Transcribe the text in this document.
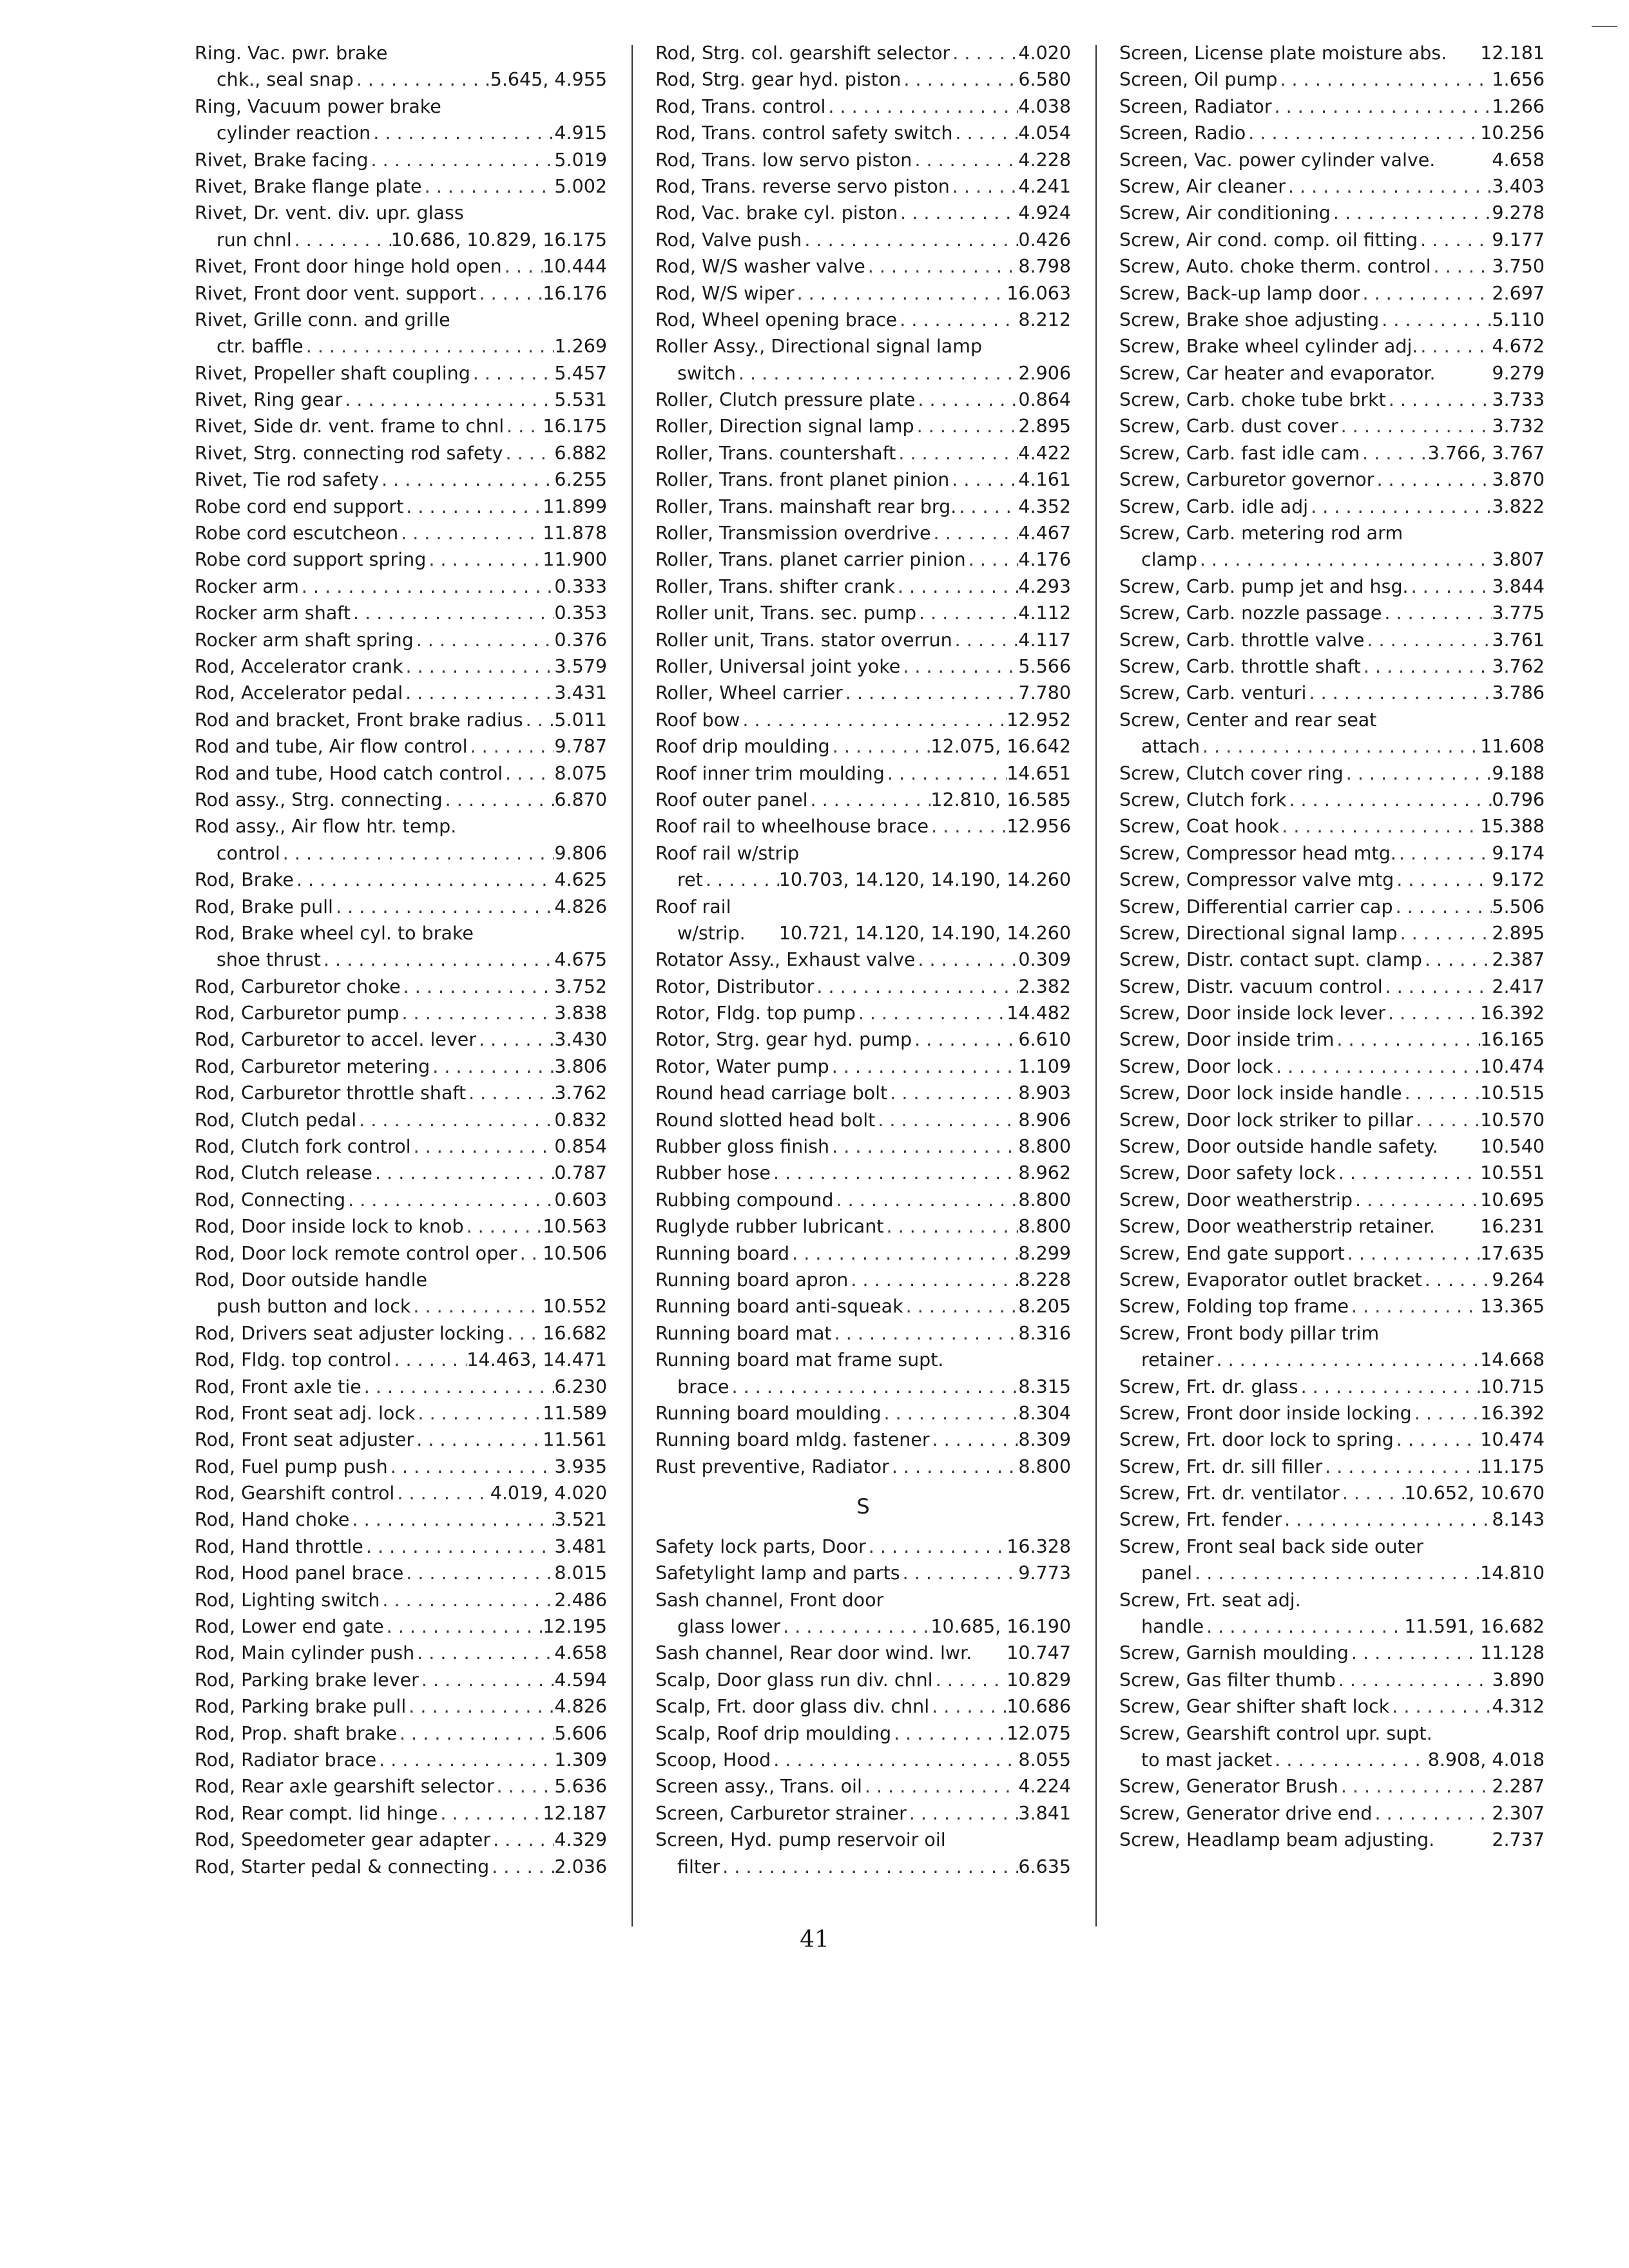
Ring. Vac. pwr. brake
chk., seal snap . . .	5.645, 4.955
Ring, Vacuum power brake
cylinder reaction . . .	4.915
Rivet, Brake facing . . .	5.019
Rivet, Brake flange plate . . .	5.002
Rivet, Dr. vent. div. upr. glass
run chnl . . .	10.686, 10.829, 16.175
Rivet, Front door hinge hold open . . . 10.444
Rivet, Front door vent. support . . .	16.176
Rivet, Grille conn. and grille
ctr. baffle . . .	1.269
Rivet, Propeller shaft coupling . . .	5.457
Rivet, Ring gear . . .	5.531
Rivet, Side dr. vent. frame to chnl . . . 16.175
Rivet, Strg. connecting rod safety . . .	6.882
Rivet, Tie rod safety . . .	6.255
Robe cord end support . . .	11.899
Robe cord escutcheon . . .	11.878
Robe cord support spring . . .	11.900
Rocker arm . . .	0.333
Rocker arm shaft . . .	0.353
Rocker arm shaft spring . . .	0.376
Rod, Accelerator crank . . .	3.579
Rod, Accelerator pedal . . .	3.431
Rod and bracket, Front brake radius . . . 5.011
Rod and tube, Air flow control . . .	9.787
Rod and tube, Hood catch control . . .	8.075
Rod assy., Strg. connecting . . .	6.870
Rod assy., Air flow htr. temp.
control . . .	9.806
Rod, Brake . . .	4.625
Rod, Brake pull . . .	4.826
Rod, Brake wheel cyl. to brake
shoe thrust . . .	4.675
Rod, Carburetor choke . . .	3.752
Rod, Carburetor pump . . .	3.838
Rod, Carburetor to accel. lever . . .	3.430
Rod, Carburetor metering . . .	3.806
Rod, Carburetor throttle shaft . . .	3.762
Rod, Clutch pedal . . .	0.832
Rod, Clutch fork control . . .	0.854
Rod, Clutch release . . .	0.787
Rod, Connecting . . .	0.603
Rod, Door inside lock to knob . . .	10.563
Rod, Door lock remote control oper . . . 10.506
Rod, Door outside handle
push button and lock . . .	10.552
Rod, Drivers seat adjuster locking . . . 16.682
Rod, Fldg. top control . . .	14.463, 14.471
Rod, Front axle tie . . .	6.230
Rod, Front seat adj. lock . . .	11.589
Rod, Front seat adjuster . . .	11.561
Rod, Fuel pump push . . .	3.935
Rod, Gearshift control . . .	4.019, 4.020
Rod, Hand choke . . .	3.521
Rod, Hand throttle . . .	3.481
Rod, Hood panel brace . . .	8.015
Rod, Lighting switch . . .	2.486
Rod, Lower end gate . . .	12.195
Rod, Main cylinder push . . .	4.658
Rod, Parking brake lever . . .	4.594
Rod, Parking brake pull . . .	4.826
Rod, Prop. shaft brake . . .	5.606
Rod, Radiator brace . . .	1.309
Rod, Rear axle gearshift selector . . .	5.636
Rod, Rear compt. lid hinge . . .	12.187
Rod, Speedometer gear adapter . . .	4.329
Rod, Starter pedal & connecting . . .	2.036
Rod, Strg. col. gearshift selector . . .	4.020
Rod, Strg. gear hyd. piston . . .	6.580
Rod, Trans. control . . .	4.038
Rod, Trans. control safety switch . . .	4.054
Rod, Trans. low servo piston . . .	4.228
Rod, Trans. reverse servo piston . . .	4.241
Rod, Vac. brake cyl. piston . . .	4.924
Rod, Valve push . . .	0.426
Rod, W/S washer valve . . .	8.798
Rod, W/S wiper . . .	16.063
Rod, Wheel opening brace . . .	8.212
Roller Assy., Directional signal lamp
switch . . .	2.906
Roller, Clutch pressure plate . . .	0.864
Roller, Direction signal lamp . . .	2.895
Roller, Trans. countershaft . . .	4.422
Roller, Trans. front planet pinion . . .	4.161
Roller, Trans. mainshaft rear brg. . . .	4.352
Roller, Transmission overdrive . . .	4.467
Roller, Trans. planet carrier pinion . . .	4.176
Roller, Trans. shifter crank . . .	4.293
Roller unit, Trans. sec. pump . . .	4.112
Roller unit, Trans. stator overrun . . .	4.117
Roller, Universal joint yoke . . .	5.566
Roller, Wheel carrier . . .	7.780
Roof bow . . .	12.952
Roof drip moulding . . .	12.075, 16.642
Roof inner trim moulding . . .	14.651
Roof outer panel . . .	12.810, 16.585
Roof rail to wheelhouse brace . . .	12.956
Roof rail w/strip
ret . . .	10.703, 14.120, 14.190, 14.260
Roof rail
w/strip. 10.721, 14.120, 14.190, 14.260
Rotator Assy., Exhaust valve . . .	0.309
Rotor, Distributor . . .	2.382
Rotor, Fldg. top pump . . .	14.482
Rotor, Strg. gear hyd. pump . . .	6.610
Rotor, Water pump . . .	1.109
Round head carriage bolt . . .	8.903
Round slotted head bolt . . .	8.906
Rubber gloss finish . . .	8.800
Rubber hose . . .	8.962
Rubbing compound . . .	8.800
Ruglyde rubber lubricant . . .	8.800
Running board . . .	8.299
Running board apron . . .	8.228
Running board anti-squeak . . .	8.205
Running board mat . . .	8.316
Running board mat frame supt.
brace . . .	8.315
Running board moulding . . .	8.304
Running board mldg. fastener . . .	8.309
Rust preventive, Radiator . . .	8.800
S
Safety lock parts, Door . . .	16.328
Safetylight lamp and parts . . .	9.773
Sash channel, Front door
glass lower . . .	10.685, 16.190
Sash channel, Rear door wind. lwr. 10.747
Scalp, Door glass run div. chnl . . .	10.829
Scalp, Frt. door glass div. chnl . . .	10.686
Scalp, Roof drip moulding . . .	12.075
Scoop, Hood . . .	8.055
Screen assy., Trans. oil . . .	4.224
Screen, Carburetor strainer . . .	3.841
Screen, Hyd. pump reservoir oil
filter . . .	6.635
Screen, License plate moisture abs. 12.181
Screen, Oil pump . . .	1.656
Screen, Radiator . . .	1.266
Screen, Radio . . .	10.256
Screen, Vac. power cylinder valve.	4.658
Screw, Air cleaner . . .	3.403
Screw, Air conditioning . . .	9.278
Screw, Air cond. comp. oil fitting . . .	9.177
Screw, Auto. choke therm. control . . .	3.750
Screw, Back-up lamp door . . .	2.697
Screw, Brake shoe adjusting . . .	5.110
Screw, Brake wheel cylinder adj. . . .	4.672
Screw, Car heater and evaporator.	9.279
Screw, Carb. choke tube brkt . . .	3.733
Screw, Carb. dust cover . . .	3.732
Screw, Carb. fast idle cam . . .	3.766, 3.767
Screw, Carburetor governor . . .	3.870
Screw, Carb. idle adj . . .	3.822
Screw, Carb. metering rod arm
clamp . . .	3.807
Screw, Carb. pump jet and hsg. . . .	3.844
Screw, Carb. nozzle passage . . .	3.775
Screw, Carb. throttle valve . . .	3.761
Screw, Carb. throttle shaft . . .	3.762
Screw, Carb. venturi . . .	3.786
Screw, Center and rear seat
attach . . .	11.608
Screw, Clutch cover ring . . .	9.188
Screw, Clutch fork . . .	0.796
Screw, Coat hook . . .	15.388
Screw, Compressor head mtg. . . .	9.174
Screw, Compressor valve mtg . . .	9.172
Screw, Differential carrier cap . . .	5.506
Screw, Directional signal lamp . . .	2.895
Screw, Distr. contact supt. clamp . . .	2.387
Screw, Distr. vacuum control . . .	2.417
Screw, Door inside lock lever . . .	16.392
Screw, Door inside trim . . .	16.165
Screw, Door lock . . .	10.474
Screw, Door lock inside handle . . .	10.515
Screw, Door lock striker to pillar . . .	10.570
Screw, Door outside handle safety. 10.540
Screw, Door safety lock . . .	10.551
Screw, Door weatherstrip . . .	10.695
Screw, Door weatherstrip retainer. 16.231
Screw, End gate support . . .	17.635
Screw, Evaporator outlet bracket . . .	9.264
Screw, Folding top frame . . .	13.365
Screw, Front body pillar trim
retainer . . .	14.668
Screw, Frt. dr. glass . . .	10.715
Screw, Front door inside locking . . .	16.392
Screw, Frt. door lock to spring . . .	10.474
Screw, Frt. dr. sill filler . . .	11.175
Screw, Frt. dr. ventilator . . .	10.652, 10.670
Screw, Frt. fender . . .	8.143
Screw, Front seal back side outer
panel . . .	14.810
Screw, Frt. seat adj.
handle . . .	11.591, 16.682
Screw, Garnish moulding . . .	11.128
Screw, Gas filter thumb . . .	3.890
Screw, Gear shifter shaft lock . . .	4.312
Screw, Gearshift control upr. supt.
to mast jacket . . .	8.908, 4.018
Screw, Generator Brush . . .	2.287
Screw, Generator drive end . . .	2.307
Screw, Headlamp beam adjusting.	2.737
41
